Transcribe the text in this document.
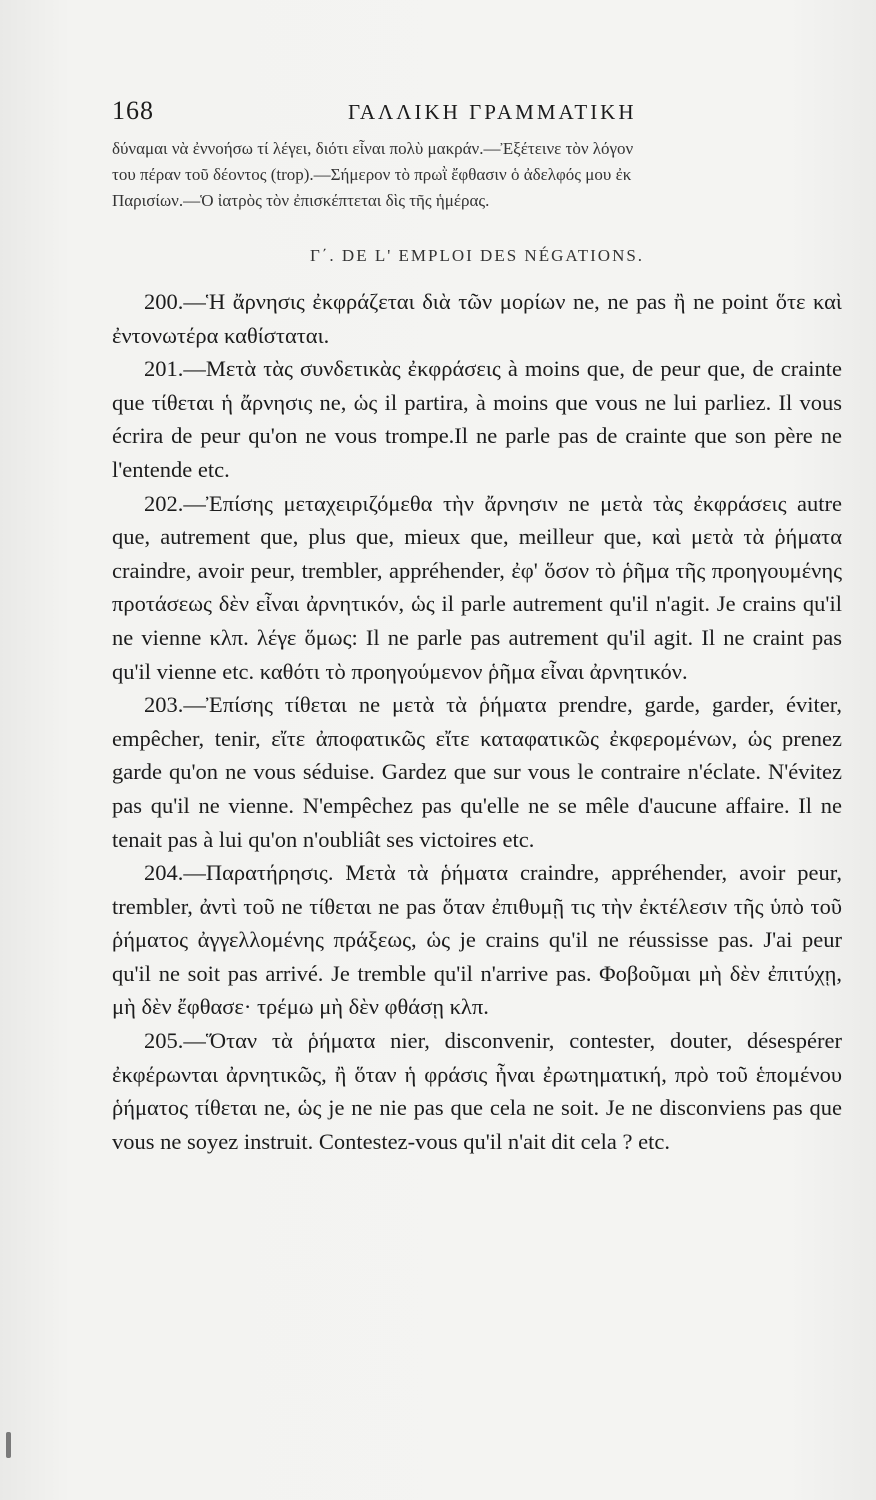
168	ΓΑΛΛΙΚΗ ΓΡΑΜΜΑΤΙΚΗ
δύναμαι νὰ ἐννοήσω τί λέγει, διότι εἶναι πολὺ μακράν.—Ἐξέτεινε τὸν λόγον
του πέραν τοῦ δέοντος (trop).—Σήμερον τὸ πρωῒ ἔφθασιν ὁ ἀδελφός μου ἐκ
Παρισίων.—Ὁ ἰατρὸς τὸν ἐπισκέπτεται δὶς τῆς ἡμέρας.
Γ΄. DE L' EMPLOI DES NÉGATIONS.

200.—Ἡ ἄρνησις ἐκφράζεται διὰ τῶν μορίων ne, ne pas ἢ ne point ὅτε καὶ ἐντονωτέρα καθίσταται.

201.—Μετὰ τὰς συνδετικὰς ἐκφράσεις à moins que, de peur que, de crainte que τίθεται ἡ ἄρνησις ne, ὡς il partira, à moins que vous ne lui parliez. Il vous écrira de peur qu'on ne vous trompe.Il ne parle pas de crainte que son père ne l'entende etc.

202.—Ἐπίσης μεταχειριζόμεθα τὴν ἄρνησιν ne μετὰ τὰς ἐκφράσεις autre que, autrement que, plus que, mieux que, meilleur que, καὶ μετὰ τὰ ῥήματα craindre, avoir peur, trembler, appréhender, ἐφ' ὅσον τὸ ῥῆμα τῆς προηγουμένης προτάσεως δὲν εἶναι ἀρνητικόν, ὡς il parle autrement qu'il n'agit. Je crains qu'il ne vienne κλπ. λέγε ὅμως: Il ne parle pas autrement qu'il agit. Il ne craint pas qu'il vienne etc. καθότι τὸ προηγούμενον ῥῆμα εἶναι ἀρνητικόν.

203.—Ἐπίσης τίθεται ne μετὰ τὰ ῥήματα prendre, garde, garder, éviter, empêcher, tenir, εἴτε ἀποφατικῶς εἴτε καταφατικῶς ἐκφερομένων, ὡς prenez garde qu'on ne vous séduise. Gardez que sur vous le contraire n'éclate. N'évitez pas qu'il ne vienne. N'empêchez pas qu'elle ne se mêle d'aucune affaire. Il ne tenait pas à lui qu'on n'oubliât ses victoires etc.

204.—Παρατήρησις. Μετὰ τὰ ῥήματα craindre, appréhender, avoir peur, trembler, ἀντὶ τοῦ ne τίθεται ne pas ὅταν ἐπιθυμῇ τις τὴν ἐκτέλεσιν τῆς ὑπὸ τοῦ ῥήματος ἀγγελλομένης πράξεως, ὡς je crains qu'il ne réussisse pas. J'ai peur qu'il ne soit pas arrivé. Je tremble qu'il n'arrive pas. Φοβοῦμαι μὴ δὲν ἐπιτύχῃ, μὴ δὲν ἔφθασε· τρέμω μὴ δὲν φθάσῃ κλπ.

205.—Ὅταν τὰ ῥήματα nier, disconvenir, contester, douter, désespérer ἐκφέρωνται ἀρνητικῶς, ἢ ὅταν ἡ φράσις ἦναι ἐρωτηματική, πρὸ τοῦ ἑπομένου ῥήματος τίθεται ne, ὡς je ne nie pas que cela ne soit. Je ne disconviens pas que vous ne soyez instruit. Contestez-vous qu'il n'ait dit cela ? etc.
